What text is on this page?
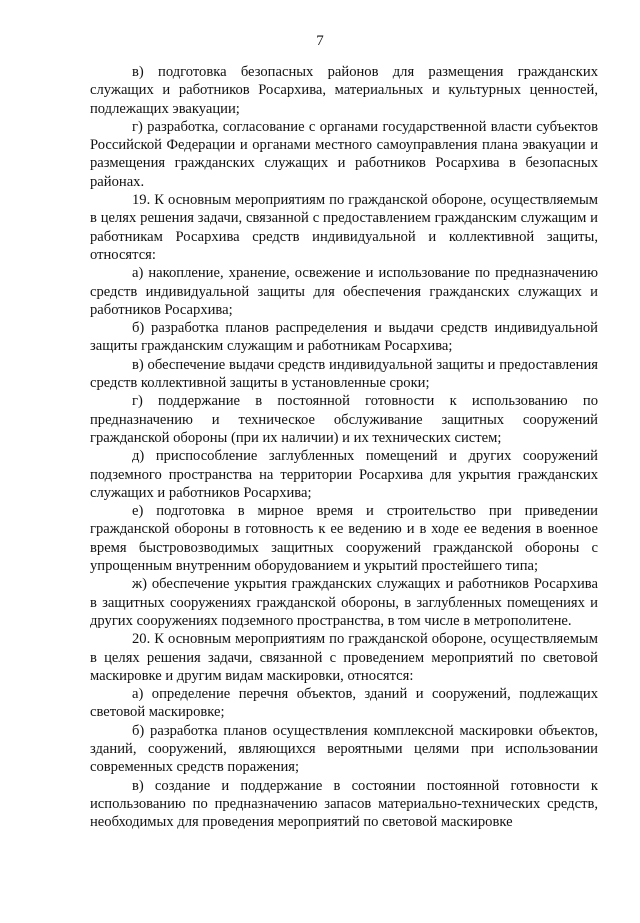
7

в) подготовка безопасных районов для размещения гражданских служащих и работников Росархива, материальных и культурных ценностей, подлежащих эвакуации;

г) разработка, согласование с органами государственной власти субъектов Российской Федерации и органами местного самоуправления плана эвакуации и размещения гражданских служащих и работников Росархива в безопасных районах.

19. К основным мероприятиям по гражданской обороне, осуществляемым в целях решения задачи, связанной с предоставлением гражданским служащим и работникам Росархива средств индивидуальной и коллективной защиты, относятся:

а) накопление, хранение, освежение и использование по предназначению средств индивидуальной защиты для обеспечения гражданских служащих и работников Росархива;

б) разработка планов распределения и выдачи средств индивидуальной защиты гражданским служащим и работникам Росархива;

в) обеспечение выдачи средств индивидуальной защиты и предоставления средств коллективной защиты в установленные сроки;

г) поддержание в постоянной готовности к использованию по предназначению и техническое обслуживание защитных сооружений гражданской обороны (при их наличии) и их технических систем;

д) приспособление заглубленных помещений и других сооружений подземного пространства на территории Росархива для укрытия гражданских служащих и работников Росархива;

е) подготовка в мирное время и строительство при приведении гражданской обороны в готовность к ее ведению и в ходе ее ведения в военное время быстровозводимых защитных сооружений гражданской обороны с упрощенным внутренним оборудованием и укрытий простейшего типа;

ж) обеспечение укрытия гражданских служащих и работников Росархива в защитных сооружениях гражданской обороны, в заглубленных помещениях и других сооружениях подземного пространства, в том числе в метрополитене.

20. К основным мероприятиям по гражданской обороне, осуществляемым в целях решения задачи, связанной с проведением мероприятий по световой маскировке и другим видам маскировки, относятся:

а) определение перечня объектов, зданий и сооружений, подлежащих световой маскировке;

б) разработка планов осуществления комплексной маскировки объектов, зданий, сооружений, являющихся вероятными целями при использовании современных средств поражения;

в) создание и поддержание в состоянии постоянной готовности к использованию по предназначению запасов материально-технических средств, необходимых для проведения мероприятий по световой маскировке
